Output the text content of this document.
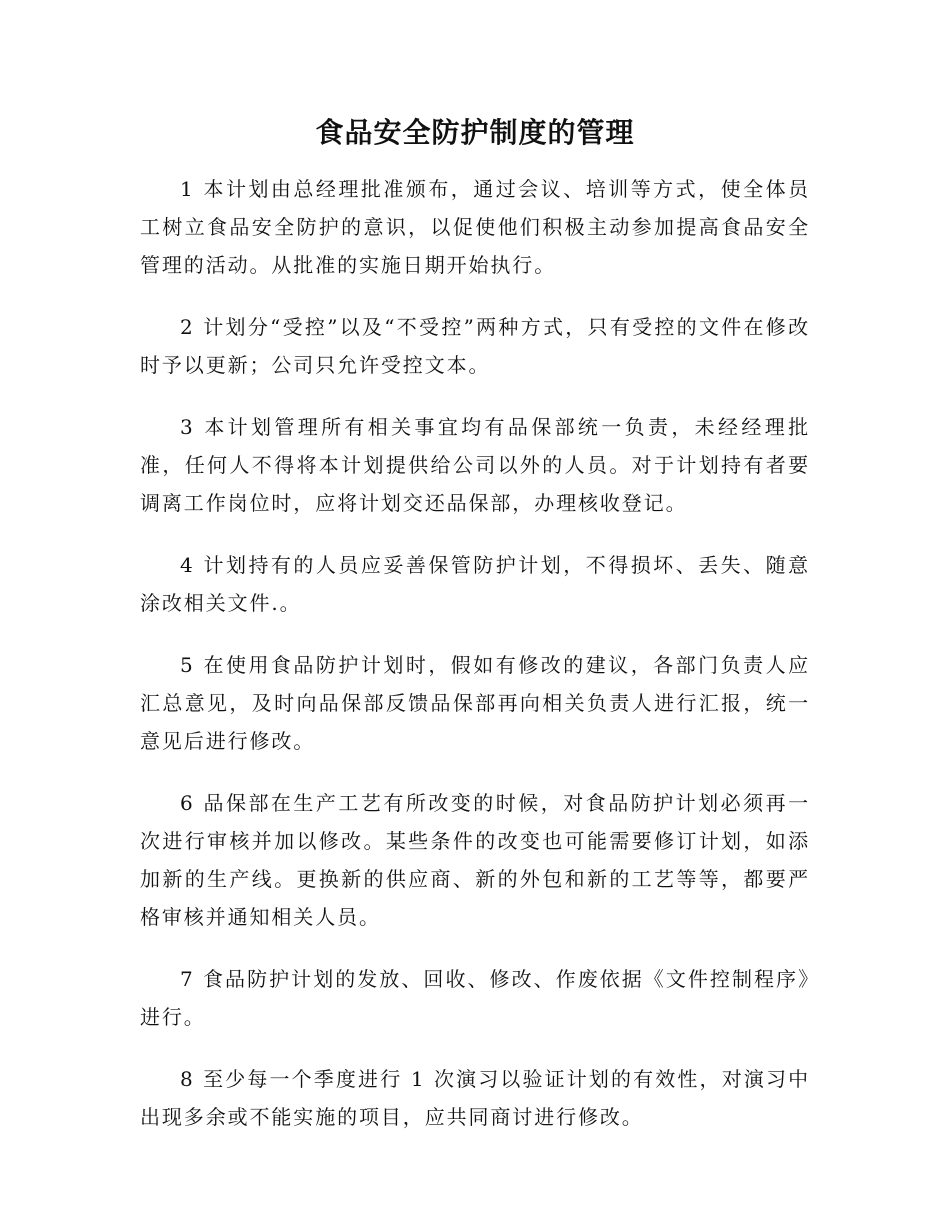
食品安全防护制度的管理

1 本计划由总经理批准颁布，通过会议、培训等方式，使全体员工树立食品安全防护的意识，以促使他们积极主动参加提高食品安全管理的活动。从批准的实施日期开始执行。

2 计划分“受控”以及“不受控”两种方式，只有受控的文件在修改时予以更新；公司只允许受控文本。

3 本计划管理所有相关事宜均有品保部统一负责，未经经理批准，任何人不得将本计划提供给公司以外的人员。对于计划持有者要调离工作岗位时，应将计划交还品保部，办理核收登记。

4 计划持有的人员应妥善保管防护计划，不得损坏、丢失、随意涂改相关文件.。

5 在使用食品防护计划时，假如有修改的建议，各部门负责人应汇总意见，及时向品保部反馈品保部再向相关负责人进行汇报，统一意见后进行修改。

6 品保部在生产工艺有所改变的时候，对食品防护计划必须再一次进行审核并加以修改。某些条件的改变也可能需要修订计划，如添加新的生产线。更换新的供应商、新的外包和新的工艺等等，都要严格审核并通知相关人员。

7 食品防护计划的发放、回收、修改、作废依据《文件控制程序》进行。

8 至少每一个季度进行 1 次演习以验证计划的有效性，对演习中出现多余或不能实施的项目，应共同商讨进行修改。
